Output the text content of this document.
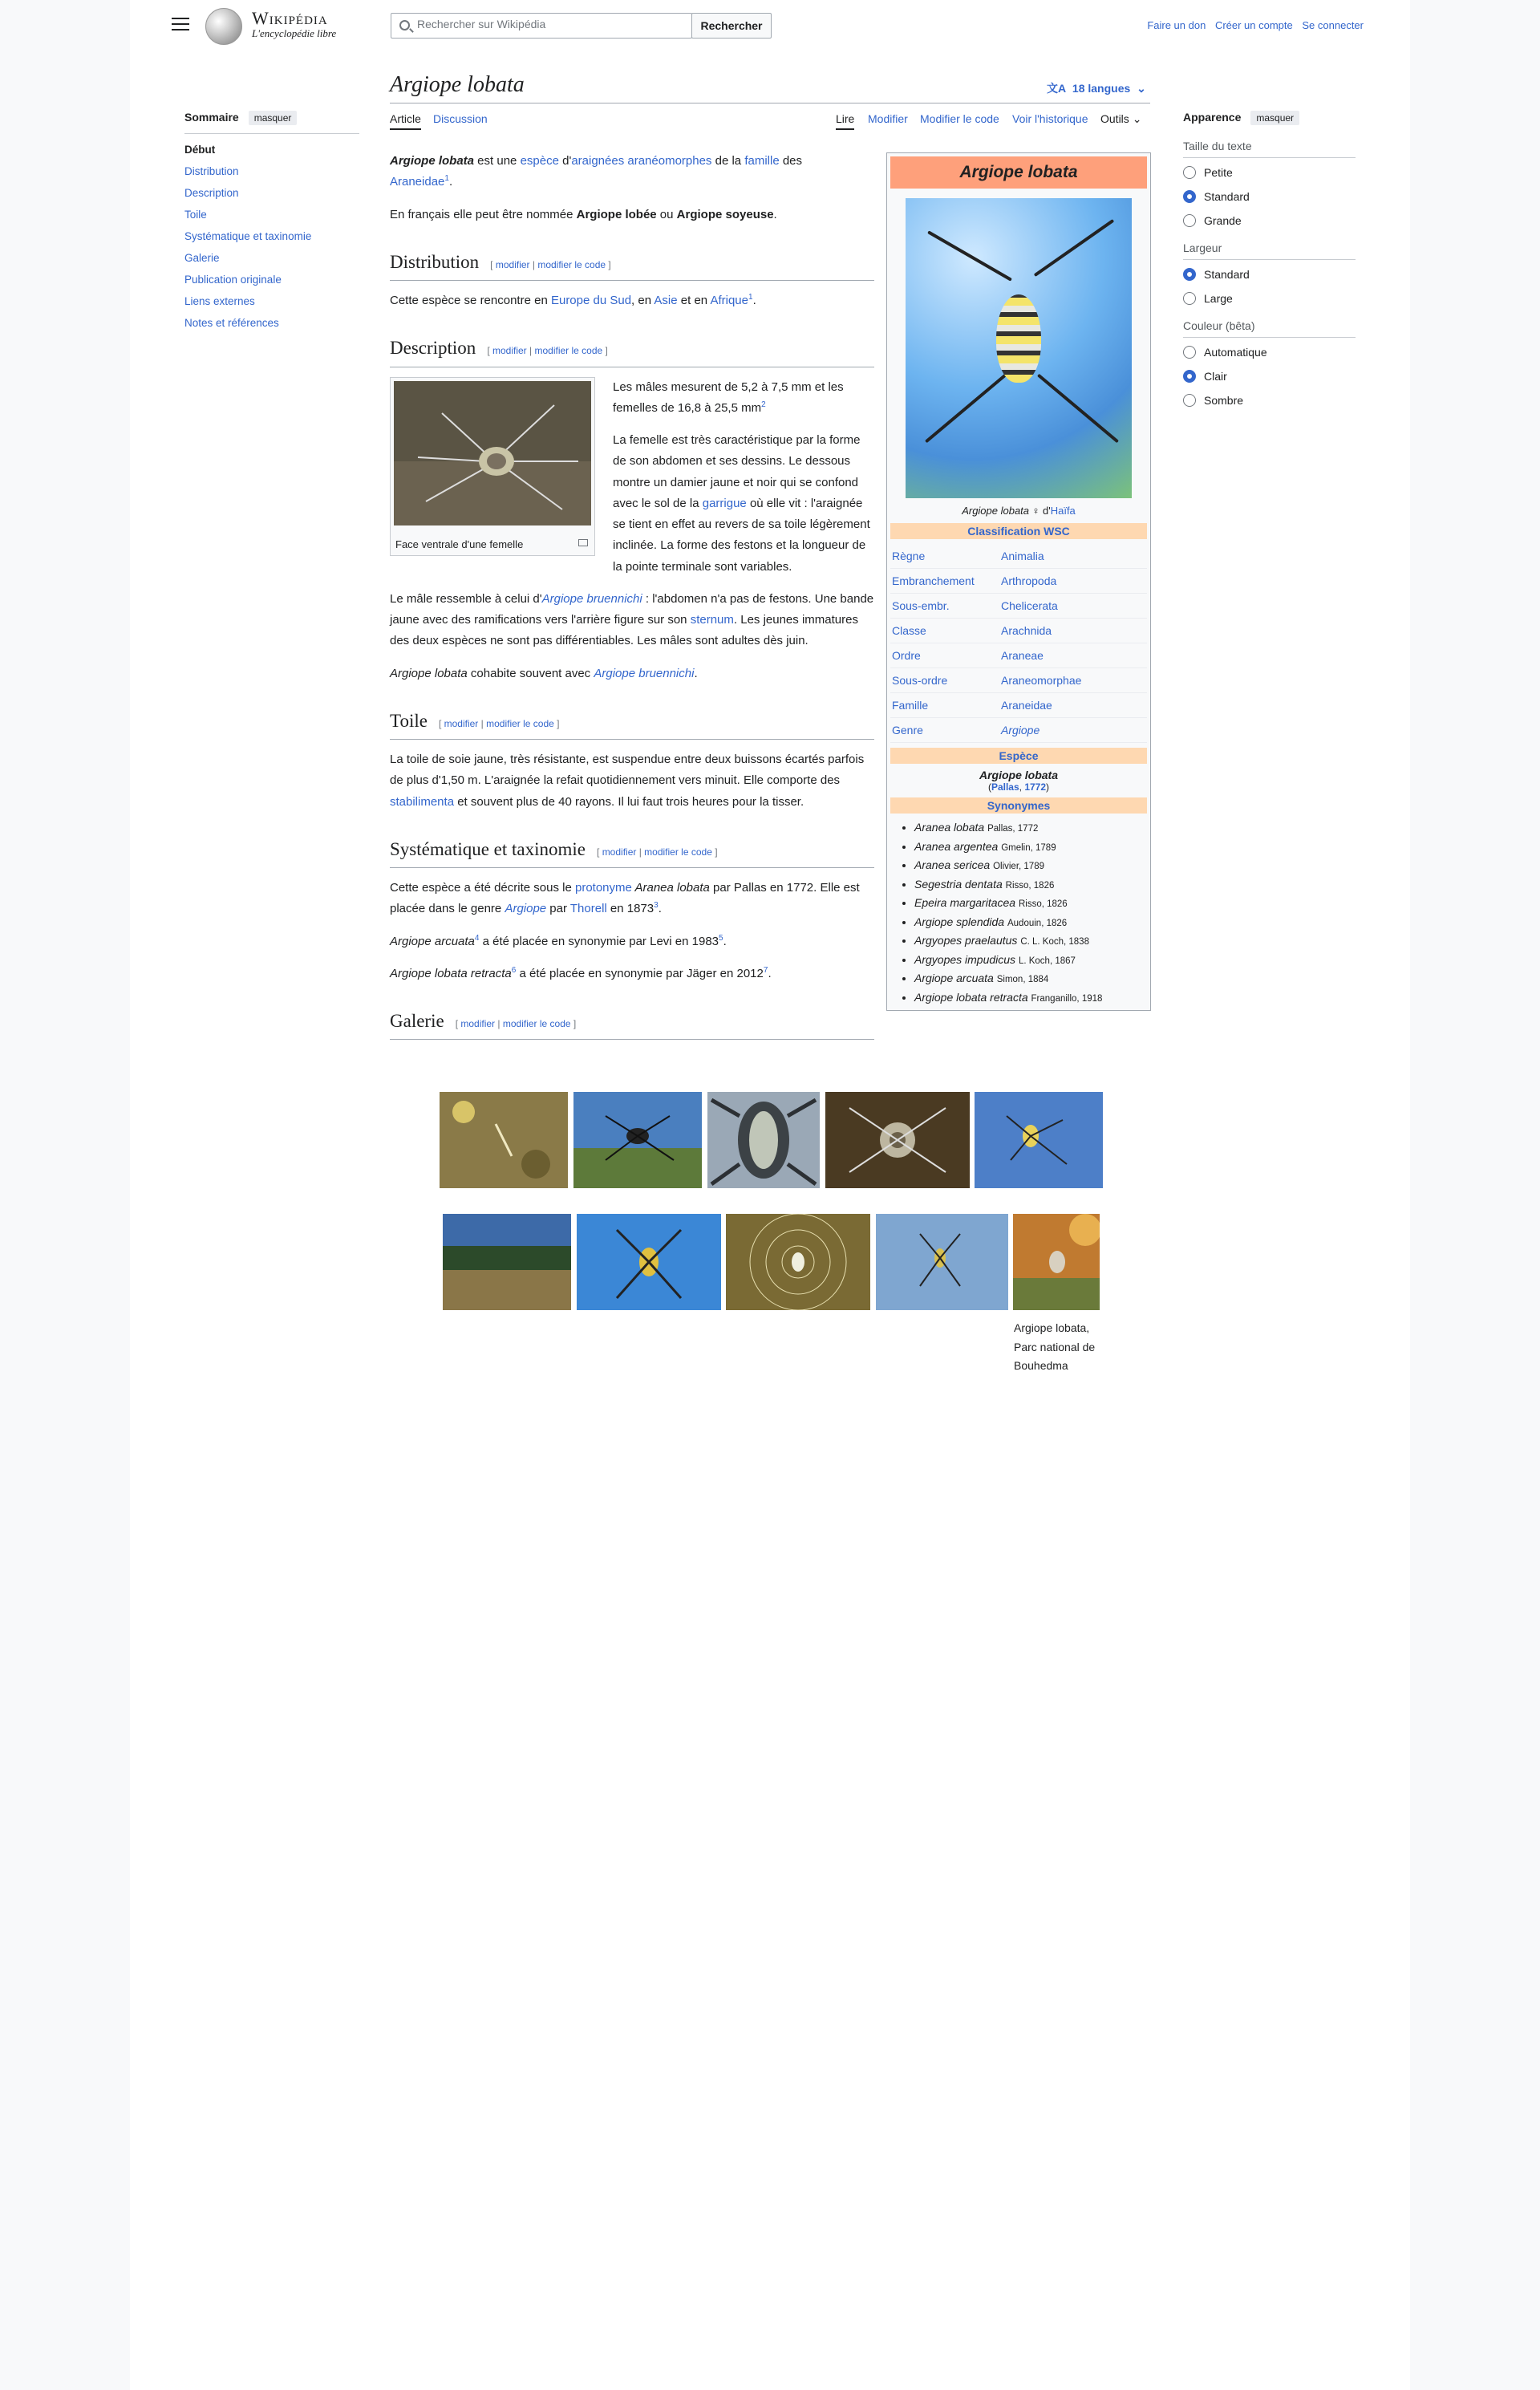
Wikipédia
L'encyclopédie libre
Rechercher sur Wikipédia
Rechercher	Faire un don Créer un compte Se connecter
Argiope lobata	文A 18 langues ⌄
Article Discussion	Lire Modifier Modifier le code Voir l'historique Outils ⌄
Sommaire masquer
Début
Distribution
Description
Toile
Systématique et taxinomie
Galerie
Publication originale
Liens externes
Notes et références
Apparence masquer
Taille du texte
Petite
Standard
Grande
Largeur
Standard
Large
Couleur (bêta)
Automatique
Clair
Sombre

Argiope lobata est une espèce d'araignées aranéomorphes de la famille des
Araneidae$^1$.

En français elle peut être nommée Argiope lobée ou Argiope soyeuse.

Distribution [ modifier | modifier le code ]

Cette espèce se rencontre en Europe du Sud, en Asie et en Afrique$^1$.

Description [ modifier | modifier le code ]
Face ventrale d'une femelle

Les mâles mesurent de 5,2 à 7,5 mm et les femelles de 16,8 à 25,5 $mm^2$

La femelle est très caractéristique par la forme de son abdomen et ses dessins. Le dessous montre un damier jaune et noir qui se confond avec le sol de la garrigue où elle vit : l'araignée se tient en effet au revers de sa toile légèrement inclinée. La forme des festons et la longueur de la pointe terminale sont variables.

Le mâle ressemble à celui d'Argiope bruennichi : l'abdomen n'a pas de festons. Une bande jaune avec des ramifications vers l'arrière figure sur son sternum. Les jeunes immatures des deux espèces ne sont pas différentiables. Les mâles sont adultes dès juin.

Argiope lobata cohabite souvent avec Argiope bruennichi.

Toile [ modifier | modifier le code ]

La toile de soie jaune, très résistante, est suspendue entre deux buissons écartés parfois de plus d'1,50 m. L'araignée la refait quotidiennement vers minuit. Elle comporte des stabilimenta et souvent plus de 40 rayons. Il lui faut trois heures pour la tisser.

Systématique et taxinomie [ modifier | modifier le code ]

Cette espèce a été décrite sous le protonyme Aranea lobata par Pallas en 1772. Elle est placée dans le genre Argiope par Thorell en 1873$^3$.

Argiope arcuata$^4$ a été placée en synonymie par Levi en 1983$^5$.

Argiope lobata retracta$^6$ a été placée en synonymie par Jäger en 2012$^7$.

Galerie [ modifier | modifier le code ]
Argiope lobata, Parc national de Bouhedma
Argiope lobata
Argiope lobata ♀ d'Haïfa
Classification WSC
Règne	Animalia
Embranchement	Arthropoda
Sous-embr.	Chelicerata
Classe	Arachnida
Ordre	Araneae
Sous-ordre	Araneomorphae
Famille	Araneidae
Genre	Argiope
Espèce
Argiope lobata
(Pallas, 1772)
Synonymes
• Aranea lobata Pallas, 1772
• Aranea argentea Gmelin, 1789
• Aranea sericea Olivier, 1789
• Segestria dentata Risso, 1826
• Epeira margaritacea Risso, 1826
• Argiope splendida Audouin, 1826
• Argyopes praelautus C. L. Koch, 1838
• Argyopes impudicus L. Koch, 1867
• Argiope arcuata Simon, 1884
• Argiope lobata retracta Franganillo, 1918
